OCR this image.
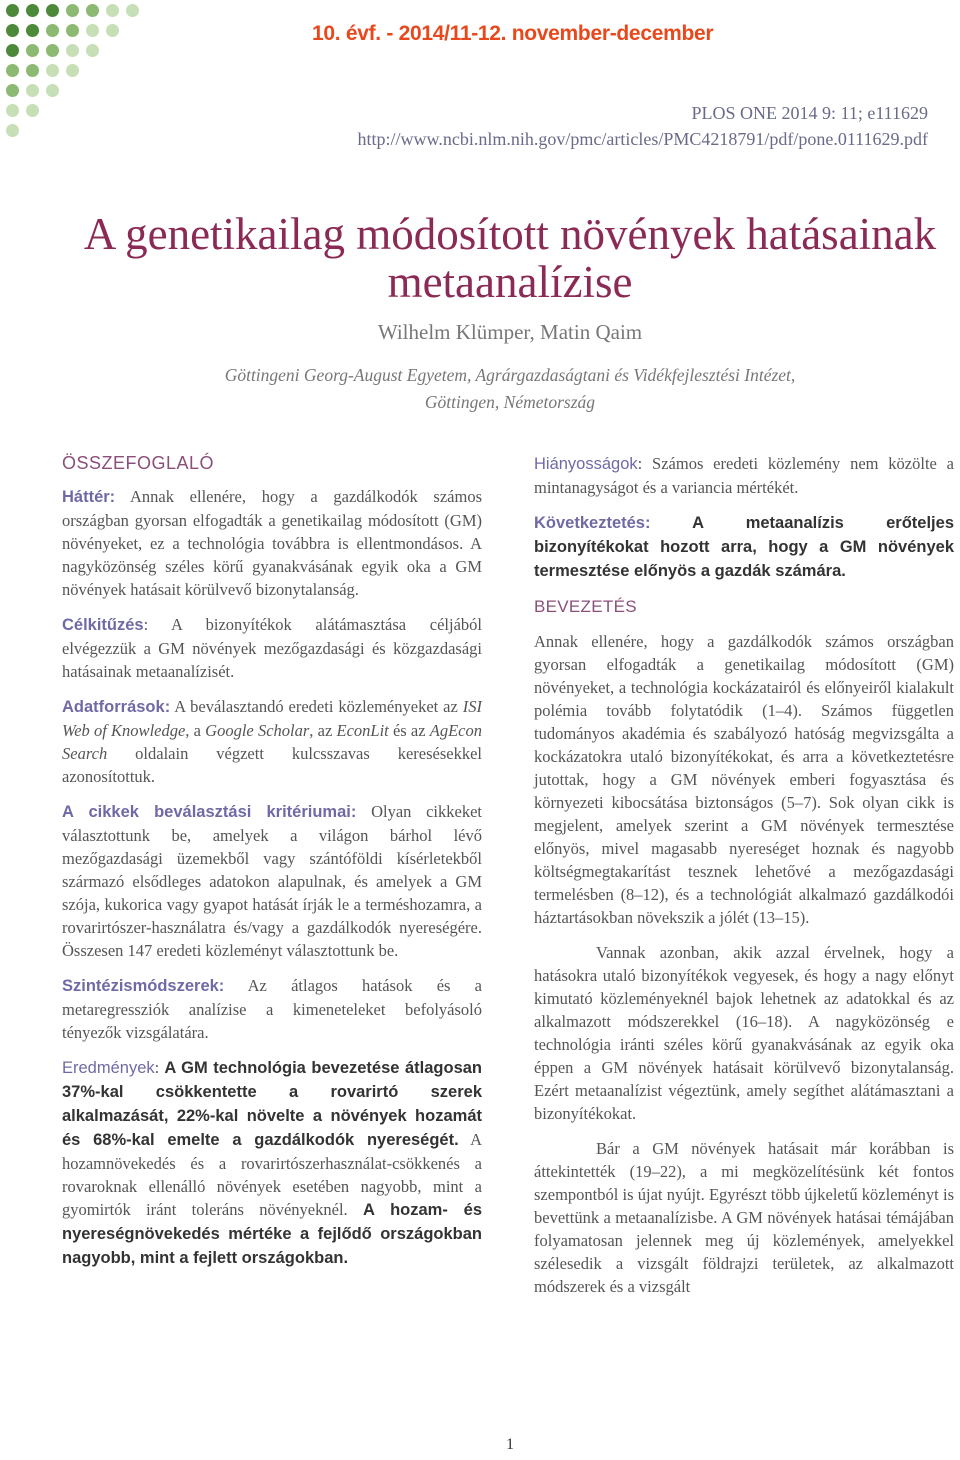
10. évf. - 2014/11-12. november-december
PLOS ONE 2014 9: 11; e111629
http://www.ncbi.nlm.nih.gov/pmc/articles/PMC4218791/pdf/pone.0111629.pdf
A genetikailag módosított növények hatásainak
metaanalízise
Wilhelm Klümper, Matin Qaim
Göttingeni Georg-August Egyetem, Agrárgazdaságtani és Vidékfejlesztési Intézet,
Göttingen, Németország
ÖSSZEFOGLALÓ

Háttér: Annak ellenére, hogy a gazdálkodók számos országban gyorsan elfogadták a genetikailag módosított (GM) növényeket, ez a technológia továbbra is ellentmondásos. A nagyközönség széles körű gyanakvásának egyik oka a GM növények hatásait körülvevő bizonytalanság.

Célkitűzés: A bizonyítékok alátámasztása céljából elvégezzük a GM növények mezőgazdasági és közgazdasági hatásainak metaanalízisét.

Adatforrások: A beválasztandó eredeti közleményeket az ISI Web of Knowledge, a Google Scholar, az EconLit és az AgEcon Search oldalain végzett kulcsszavas keresésekkel azonosítottuk.

A cikkek beválasztási kritériumai: Olyan cikkeket választottunk be, amelyek a világon bárhol lévő mezőgazdasági üzemekből vagy szántóföldi kísérletekből származó elsődleges adatokon alapulnak, és amelyek a GM szója, kukorica vagy gyapot hatását írják le a terméshozamra, a rovarirtószer-használatra és/vagy a gazdálkodók nyereségére. Összesen 147 eredeti közleményt választottunk be.

Szintézismódszerek: Az átlagos hatások és a metaregressziók analízise a kimeneteleket befolyásoló tényezők vizsgálatára.

Eredmények: A GM technológia bevezetése átlagosan 37%-kal csökkentette a rovarirtó szerek alkalmazását, 22%-kal növelte a növények hozamát és 68%-kal emelte a gazdálkodók nyereségét. A hozamnövekedés és a rovarirtószerhasználat-csökkenés a rovaroknak ellenálló növények esetében nagyobb, mint a gyomirtók iránt toleráns növényeknél. A hozam- és nyereségnövekedés mértéke a fejlődő országokban nagyobb, mint a fejlett országokban.

Hiányosságok: Számos eredeti közlemény nem közölte a mintanagyságot és a variancia mértékét.

Következtetés: A metaanalízis erőteljes bizonyítékokat hozott arra, hogy a GM növények termesztése előnyös a gazdák számára.

BEVEZETÉS

Annak ellenére, hogy a gazdálkodók számos országban gyorsan elfogadták a genetikailag módosított (GM) növényeket, a technológia kockázatairól és előnyeiről kialakult polémia tovább folytatódik (1–4). Számos független tudományos akadémia és szabályozó hatóság megvizsgálta a kockázatokra utaló bizonyítékokat, és arra a következtetésre jutottak, hogy a GM növények emberi fogyasztása és környezeti kibocsátása biztonságos (5–7). Sok olyan cikk is megjelent, amelyek szerint a GM növények termesztése előnyös, mivel magasabb nyereséget hoznak és nagyobb költségmegtakarítást tesznek lehetővé a mezőgazdasági termelésben (8–12), és a technológiát alkalmazó gazdálkodói háztartásokban növekszik a jólét (13–15).

Vannak azonban, akik azzal érvelnek, hogy a hatásokra utaló bizonyítékok vegyesek, és hogy a nagy előnyt kimutató közleményeknél bajok lehetnek az adatokkal és az alkalmazott módszerekkel (16–18). A nagyközönség e technológia iránti széles körű gyanakvásának az egyik oka éppen a GM növények hatásait körülvevő bizonytalanság. Ezért metaanalízist végeztünk, amely segíthet alátámasztani a bizonyítékokat.

Bár a GM növények hatásait már korábban is áttekintették (19–22), a mi megközelítésünk két fontos szempontból is újat nyújt. Egyrészt több újkeletű közleményt is bevettünk a metaanalízisbe. A GM növények hatásai témájában folyamatosan jelennek meg új közlemények, amelyekkel szélesedik a vizsgált földrajzi területek, az alkalmazott módszerek és a vizsgált

1
